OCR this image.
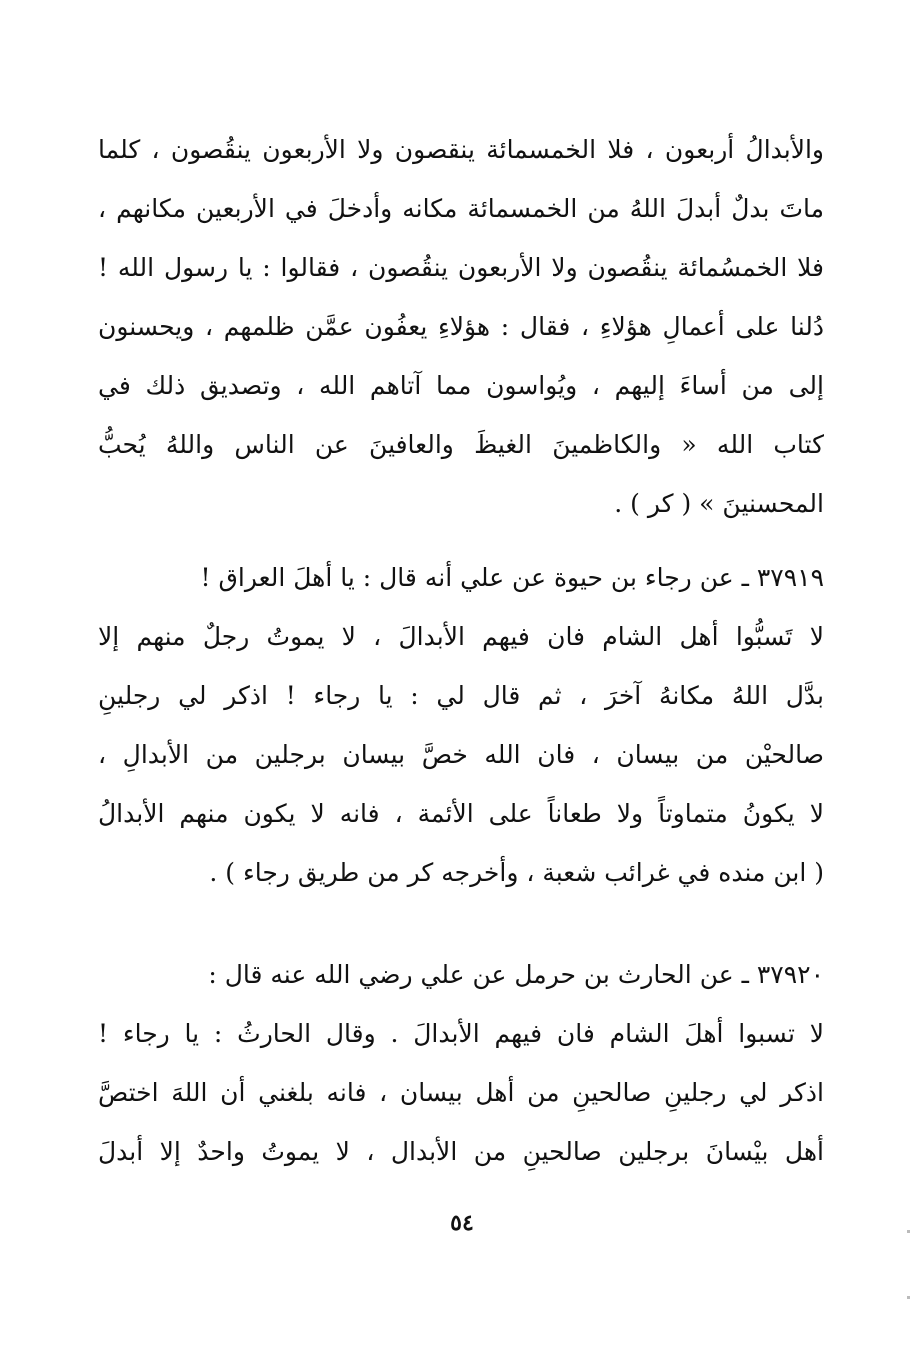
والأبدالُ أربعون ، فلا الخمسمائة ينقصون ولا الأربعون ينقُصون ، كلما
ماتَ بدلٌ أبدلَ اللهُ من الخمسمائة مكانه وأدخلَ في الأربعين مكانهم ،
فلا الخمسُمائة ينقُصون ولا الأربعون ينقُصون ، فقالوا : يا رسول الله !
دُلنا على أعمالِ هؤلاءِ ، فقال : هؤلاءِ يعفُون عمَّن ظلمهم ، ويحسنون
إلى من أساءَ إليهم ، ويُواسون مما آتاهم الله ، وتصديق ذلك في
كتاب الله « والكاظمينَ الغيظَ والعافينَ عن الناس واللهُ يُحبُّ
المحسنينَ » ( كر ) .
٣٧٩١٩ ـ عن رجاء بن حيوة عن علي أنه قال : يا أهلَ العراق !
لا تَسبُّوا أهل الشام فان فيهم الأبدالَ ، لا يموتُ رجلٌ منهم إلا
بدَّل اللهُ مكانهُ آخرَ ، ثم قال لي : يا رجاء ! اذكر لي رجلينِ
صالحيْن من بيسان ، فان الله خصَّ بيسان برجلين من الأبدالِ ،
لا يكونُ متماوتاً ولا طعاناً على الأئمة ، فانه لا يكون منهم الأبدالُ
( ابن منده في غرائب شعبة ، وأخرجه كر من طريق رجاء ) .
٣٧٩٢٠ ـ عن الحارث بن حرمل عن علي رضي الله عنه قال :
لا تسبوا أهلَ الشام فان فيهم الأبدالَ . وقال الحارثُ : يا رجاء !
اذكر لي رجلينِ صالحينِ من أهل بيسان ، فانه بلغني أن اللهَ اختصَّ
أهل بيْسانَ برجلين صالحينِ من الأبدال ، لا يموتُ واحدٌ إلا أبدلَ
٥٤
